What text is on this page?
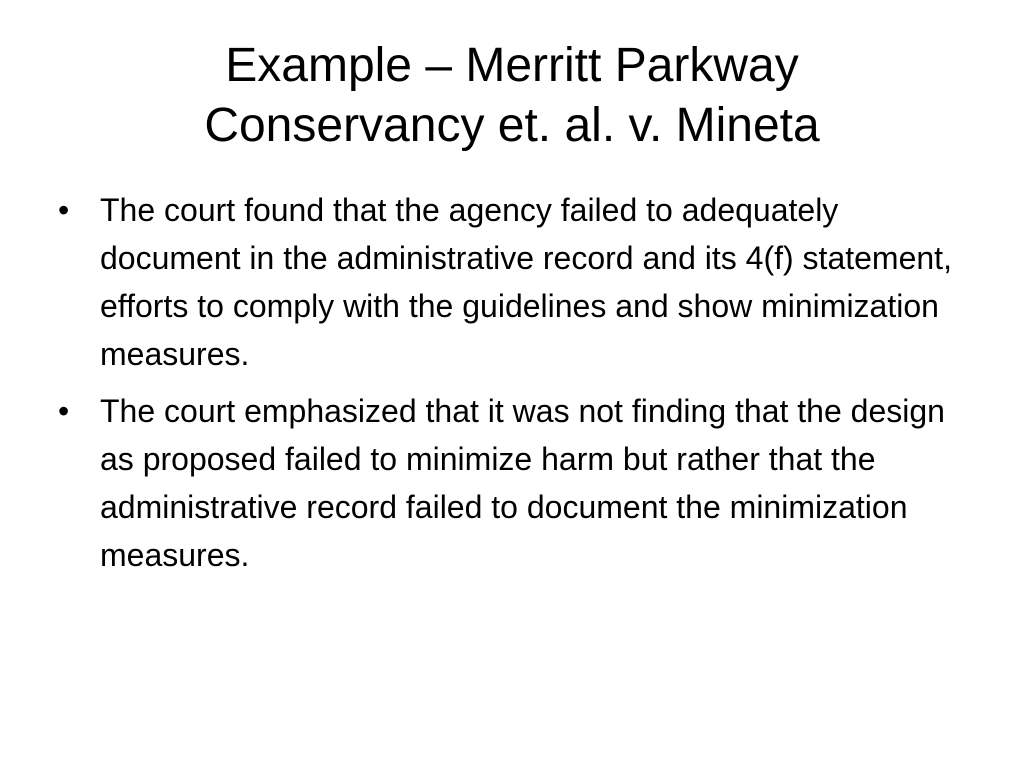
Example – Merritt Parkway
Conservancy et. al. v. Mineta
• The court found that the agency failed to adequately document in the administrative record and its 4(f) statement, efforts to comply with the guidelines and show minimization measures.
• The court emphasized that it was not finding that the design as proposed failed to minimize harm but rather that the administrative record failed to document the minimization measures.
